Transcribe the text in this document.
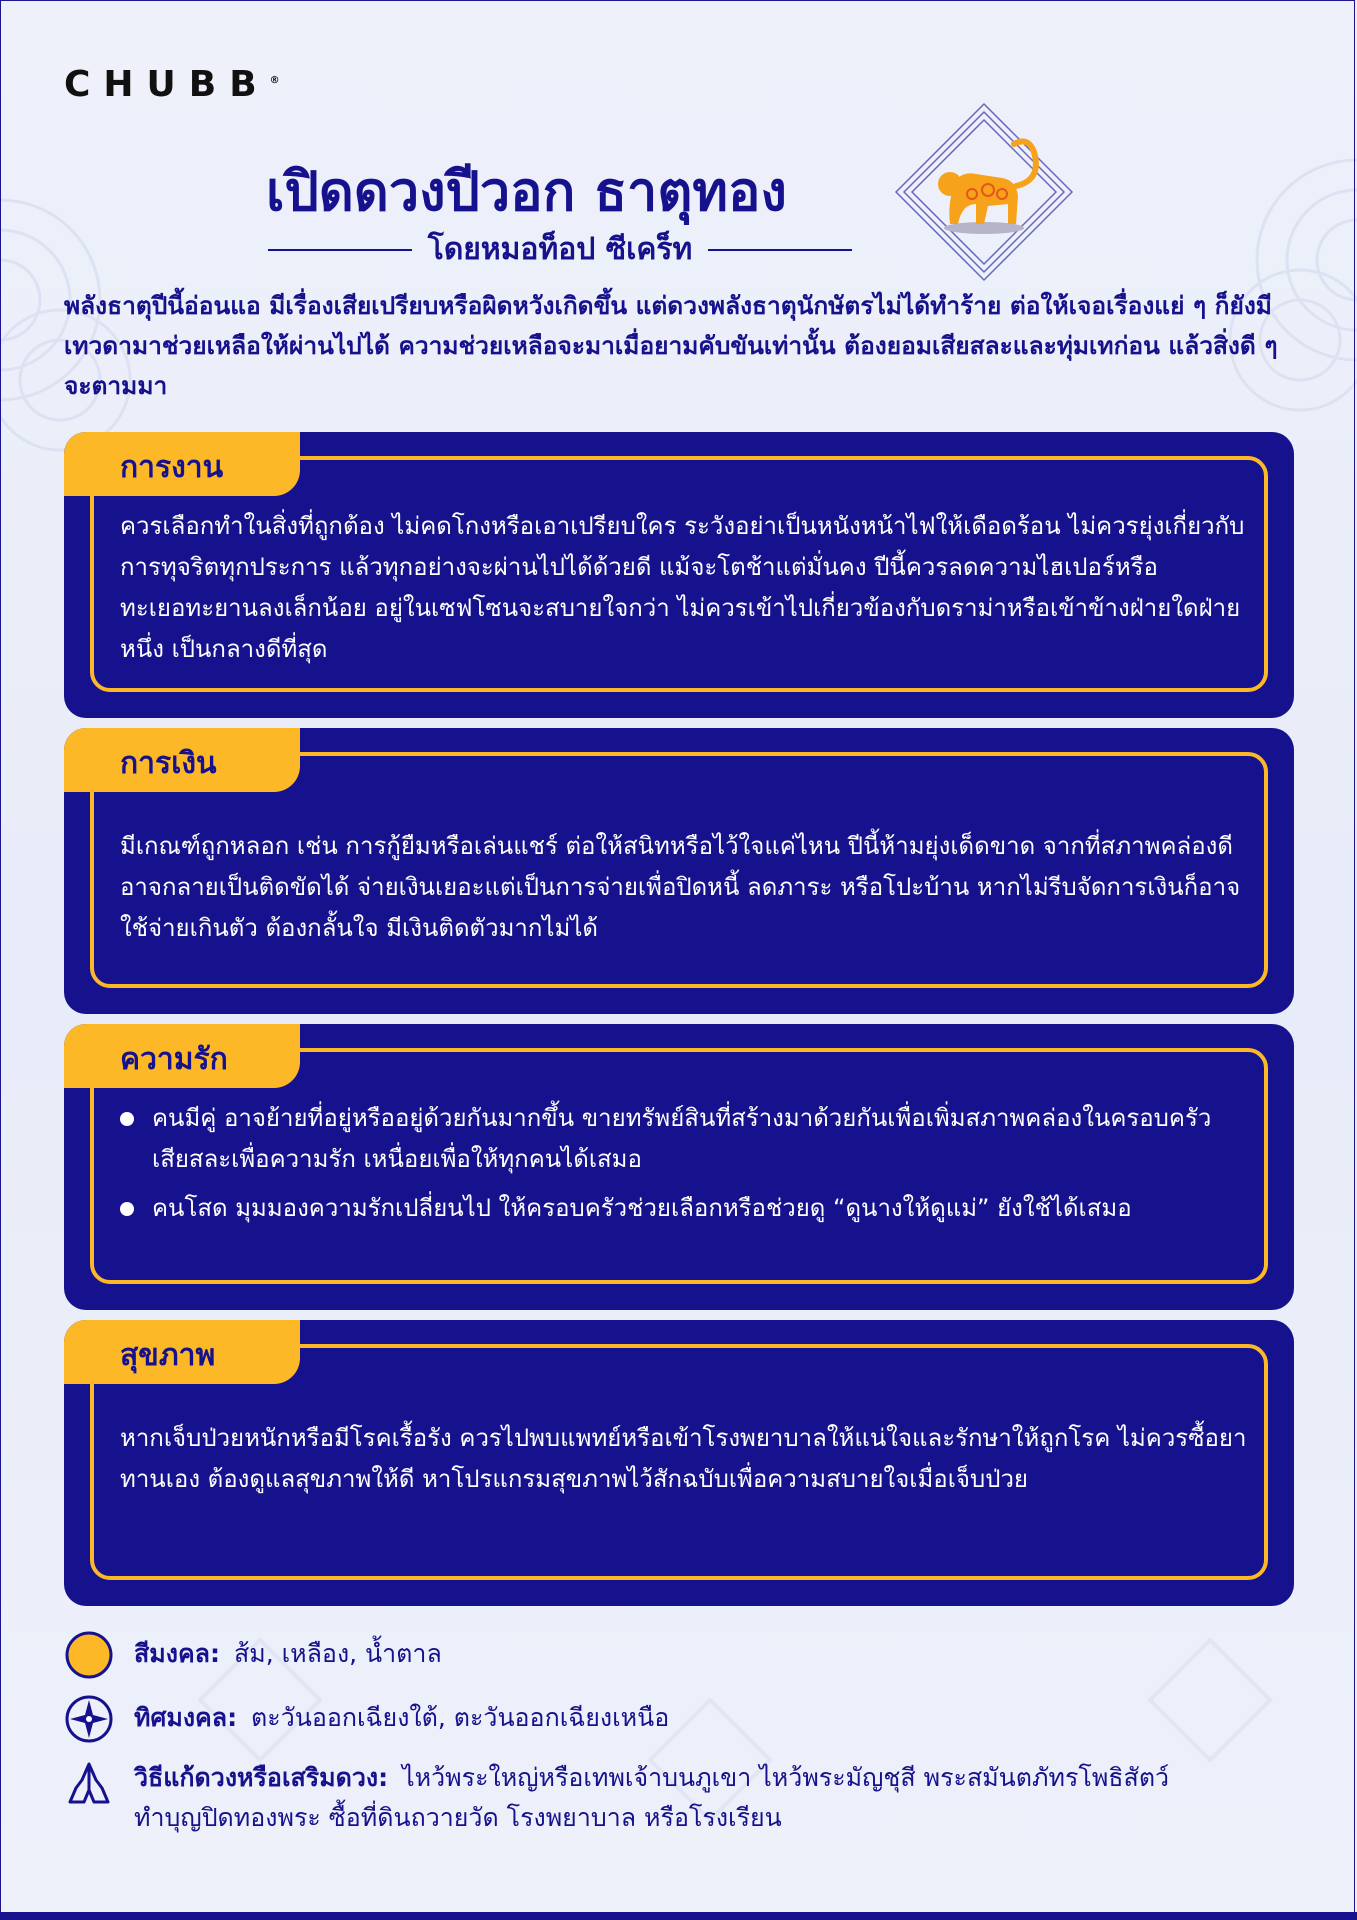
CHUBB®
เปิดดวงปีวอก ธาตุทอง
โดยหมอท็อป ซีเคร็ท
พลังธาตุปีนี้อ่อนแอ มีเรื่องเสียเปรียบหรือผิดหวังเกิดขึ้น แต่ดวงพลังธาตุนักษัตรไม่ได้ทำร้าย ต่อให้เจอเรื่องแย่ ๆ ก็ยังมีเทวดามาช่วยเหลือให้ผ่านไปได้ ความช่วยเหลือจะมาเมื่อยามคับขันเท่านั้น ต้องยอมเสียสละและทุ่มเทก่อน แล้วสิ่งดี ๆ จะตามมา
การงาน
ควรเลือกทำในสิ่งที่ถูกต้อง ไม่คดโกงหรือเอาเปรียบใคร ระวังอย่าเป็นหนังหน้าไฟให้เดือดร้อน ไม่ควรยุ่งเกี่ยวกับการทุจริตทุกประการ แล้วทุกอย่างจะผ่านไปได้ด้วยดี แม้จะโตช้าแต่มั่นคง ปีนี้ควรลดความไฮเปอร์หรือทะเยอทะยานลงเล็กน้อย อยู่ในเซฟโซนจะสบายใจกว่า ไม่ควรเข้าไปเกี่ยวข้องกับดราม่าหรือเข้าข้างฝ่ายใดฝ่ายหนึ่ง เป็นกลางดีที่สุด
การเงิน
มีเกณฑ์ถูกหลอก เช่น การกู้ยืมหรือเล่นแชร์ ต่อให้สนิทหรือไว้ใจแค่ไหน ปีนี้ห้ามยุ่งเด็ดขาด จากที่สภาพคล่องดีอาจกลายเป็นติดขัดได้ จ่ายเงินเยอะแต่เป็นการจ่ายเพื่อปิดหนี้ ลดภาระ หรือโปะบ้าน หากไม่รีบจัดการเงินก็อาจใช้จ่ายเกินตัว ต้องกลั้นใจ มีเงินติดตัวมากไม่ได้
ความรัก
คนมีคู่ อาจย้ายที่อยู่หรืออยู่ด้วยกันมากขึ้น ขายทรัพย์สินที่สร้างมาด้วยกันเพื่อเพิ่มสภาพคล่องในครอบครัว เสียสละเพื่อความรัก เหนื่อยเพื่อให้ทุกคนได้เสมอ
คนโสด มุมมองความรักเปลี่ยนไป ให้ครอบครัวช่วยเลือกหรือช่วยดู “ดูนางให้ดูแม่” ยังใช้ได้เสมอ
สุขภาพ
หากเจ็บป่วยหนักหรือมีโรคเรื้อรัง ควรไปพบแพทย์หรือเข้าโรงพยาบาลให้แน่ใจและรักษาให้ถูกโรค ไม่ควรซื้อยาทานเอง ต้องดูแลสุขภาพให้ดี หาโปรแกรมสุขภาพไว้สักฉบับเพื่อความสบายใจเมื่อเจ็บป่วย
สีมงคล: ส้ม, เหลือง, น้ำตาล
ทิศมงคล: ตะวันออกเฉียงใต้, ตะวันออกเฉียงเหนือ
วิธีแก้ดวงหรือเสริมดวง: ไหว้พระใหญ่หรือเทพเจ้าบนภูเขา ไหว้พระมัญชุสี พระสมันตภัทรโพธิสัตว์ ทำบุญปิดทองพระ ซื้อที่ดินถวายวัด โรงพยาบาล หรือโรงเรียน
